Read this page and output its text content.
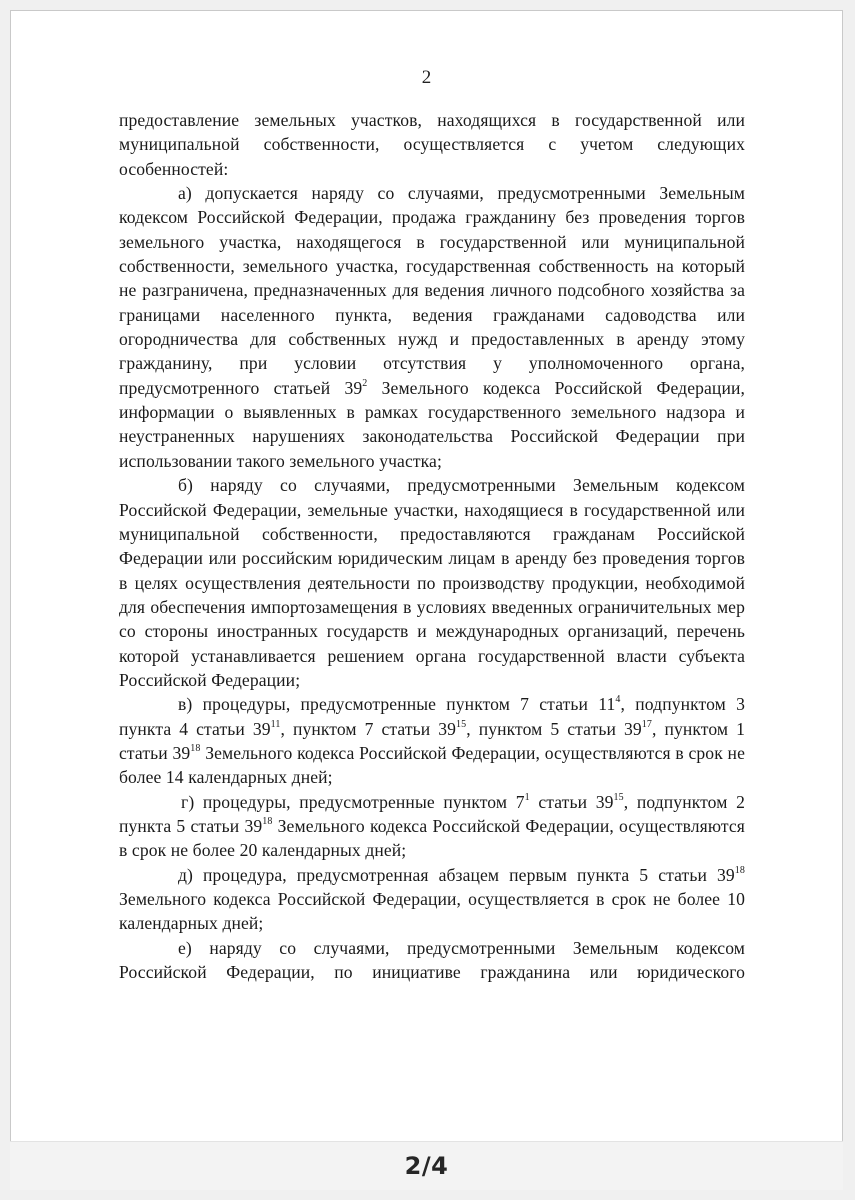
2

предоставление земельных участков, находящихся в государственной или муниципальной собственности, осуществляется с учетом следующих особенностей:

а) допускается наряду со случаями, предусмотренными Земельным кодексом Российской Федерации, продажа гражданину без проведения торгов земельного участка, находящегося в государственной или муниципальной собственности, земельного участка, государственная собственность на который не разграничена, предназначенных для ведения личного подсобного хозяйства за границами населенного пункта, ведения гражданами садоводства или огородничества для собственных нужд и предоставленных в аренду этому гражданину, при условии отсутствия у уполномоченного органа, предусмотренного статьей $39^2$ Земельного кодекса Российской Федерации, информации о выявленных в рамках государственного земельного надзора и неустраненных нарушениях законодательства Российской Федерации при использовании такого земельного участка;

б) наряду со случаями, предусмотренными Земельным кодексом Российской Федерации, земельные участки, находящиеся в государственной или муниципальной собственности, предоставляются гражданам Российской Федерации или российским юридическим лицам в аренду без проведения торгов в целях осуществления деятельности по производству продукции, необходимой для обеспечения импортозамещения в условиях введенных ограничительных мер со стороны иностранных государств и международных организаций, перечень которой устанавливается решением органа государственной власти субъекта Российской Федерации;

в) процедуры, предусмотренные пунктом 7 статьи $11^4$, подпунктом 3 пункта 4 статьи $39^{11}$, пунктом 7 статьи $39^{15}$, пунктом 5 статьи $39^{17}$, пунктом 1 статьи $39^{18}$ Земельного кодекса Российской Федерации, осуществляются в срок не более 14 календарных дней;

г) процедуры, предусмотренные пунктом $7^1$ статьи $39^{15}$, подпунктом 2 пункта 5 статьи $39^{18}$ Земельного кодекса Российской Федерации, осуществляются в срок не более 20 календарных дней;

д) процедура, предусмотренная абзацем первым пункта 5 статьи $39^{18}$ Земельного кодекса Российской Федерации, осуществляется в срок не более 10 календарных дней;

е) наряду со случаями, предусмотренными Земельным кодексом Российской Федерации, по инициативе гражданина или юридического

2/4
